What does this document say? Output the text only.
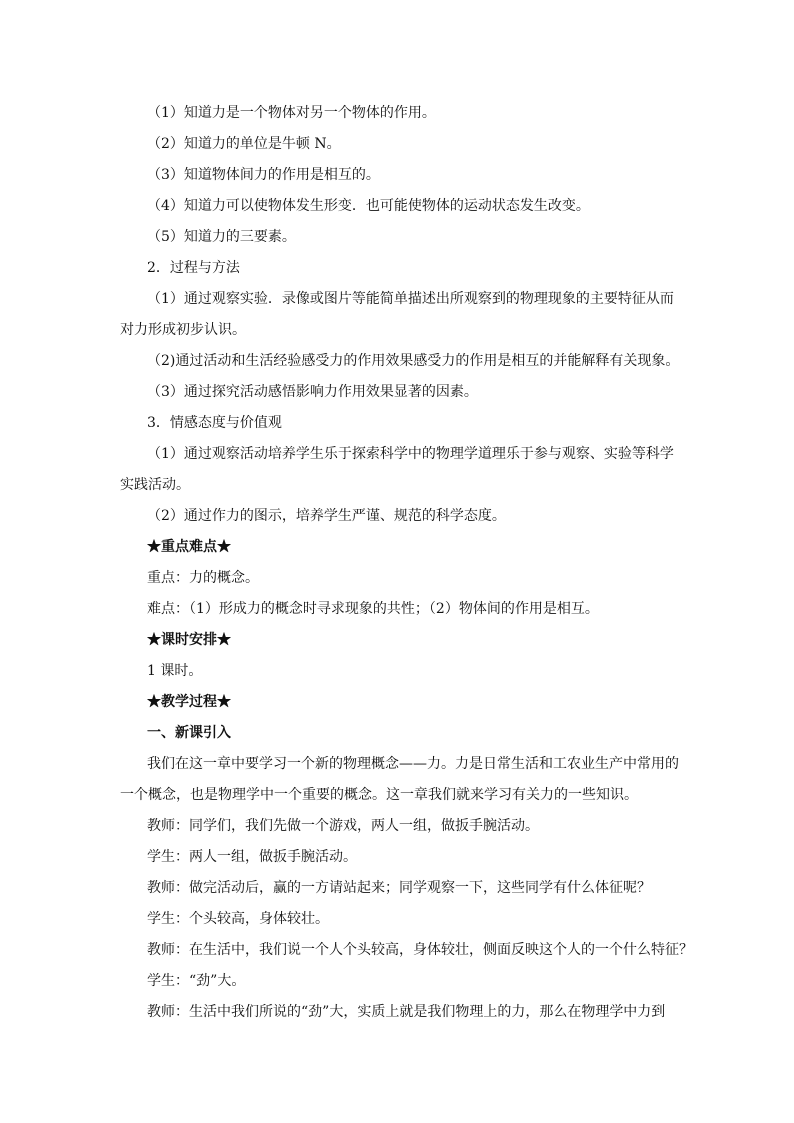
（1）知道力是一个物体对另一个物体的作用。

（2）知道力的单位是牛顿 N。

（3）知道物体间力的作用是相互的。

（4）知道力可以使物体发生形变．也可能使物体的运动状态发生改变。

（5）知道力的三要素。

2．过程与方法

（1）通过观察实验．录像或图片等能简单描述出所观察到的物理现象的主要特征从而

对力形成初步认识。

（2)通过活动和生活经验感受力的作用效果感受力的作用是相互的并能解释有关现象。

（3）通过探究活动感悟影响力作用效果显著的因素。

3．情感态度与价值观

（1）通过观察活动培养学生乐于探索科学中的物理学道理乐于参与观察、实验等科学

实践活动。

（2）通过作力的图示，培养学生严谨、规范的科学态度。

★重点难点★

重点：力的概念。

难点：（1）形成力的概念时寻求现象的共性；（2）物体间的作用是相互。

★课时安排★

1 课时。

★教学过程★

一、新课引入

我们在这一章中要学习一个新的物理概念——力。力是日常生活和工农业生产中常用的

一个概念，也是物理学中一个重要的概念。这一章我们就来学习有关力的一些知识。

教师：同学们，我们先做一个游戏，两人一组，做扳手腕活动。

学生：两人一组，做扳手腕活动。

教师：做完活动后，赢的一方请站起来；同学观察一下，这些同学有什么体征呢？

学生：个头较高，身体较壮。

教师：在生活中，我们说一个人个头较高，身体较壮，侧面反映这个人的一个什么特征？

学生：“劲”大。

教师：生活中我们所说的“劲”大，实质上就是我们物理上的力，那么在物理学中力到
